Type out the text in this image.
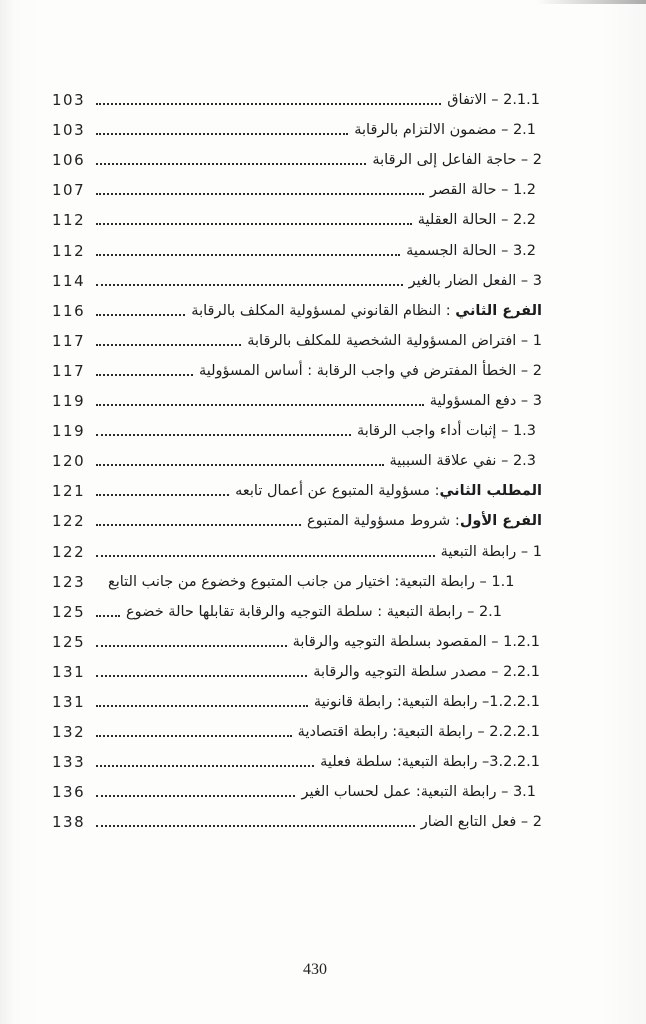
103	2.1.1 – الاتفاق
103	2.1 – مضمون الالتزام بالرقابة
106	2 – حاجة الفاعل إلى الرقابة
107	1.2 – حالة القصر
112	2.2 – الحالة العقلية
112	3.2 – الحالة الجسمية
114	3 – الفعل الضار بالغير
116	الفرع الثاني : النظام القانوني لمسؤولية المكلف بالرقابة
117	1 – افتراض المسؤولية الشخصية للمكلف بالرقابة
117	2 – الخطأ المفترض في واجب الرقابة : أساس المسؤولية
119	3 – دفع المسؤولية
119	1.3 – إثبات أداء واجب الرقابة
120	2.3 – نفي علاقة السببية
121	المطلب الثاني: مسؤولية المتبوع عن أعمال تابعه
122	الفرع الأول: شروط مسؤولية المتبوع
122	1 – رابطة التبعية
123	1.1 – رابطة التبعية: اختيار من جانب المتبوع وخضوع من جانب التابع
125	2.1 – رابطة التبعية : سلطة التوجيه والرقابة تقابلها حالة خضوع
125	1.2.1 – المقصود بسلطة التوجيه والرقابة
131	2.2.1 – مصدر سلطة التوجيه والرقابة
131	1.2.2.1– رابطة التبعية: رابطة قانونية
132	2.2.2.1 – رابطة التبعية: رابطة اقتصادية
133	3.2.2.1– رابطة التبعية: سلطة فعلية
136	3.1 – رابطة التبعية: عمل لحساب الغير
138	2 – فعل التابع الضار
430
